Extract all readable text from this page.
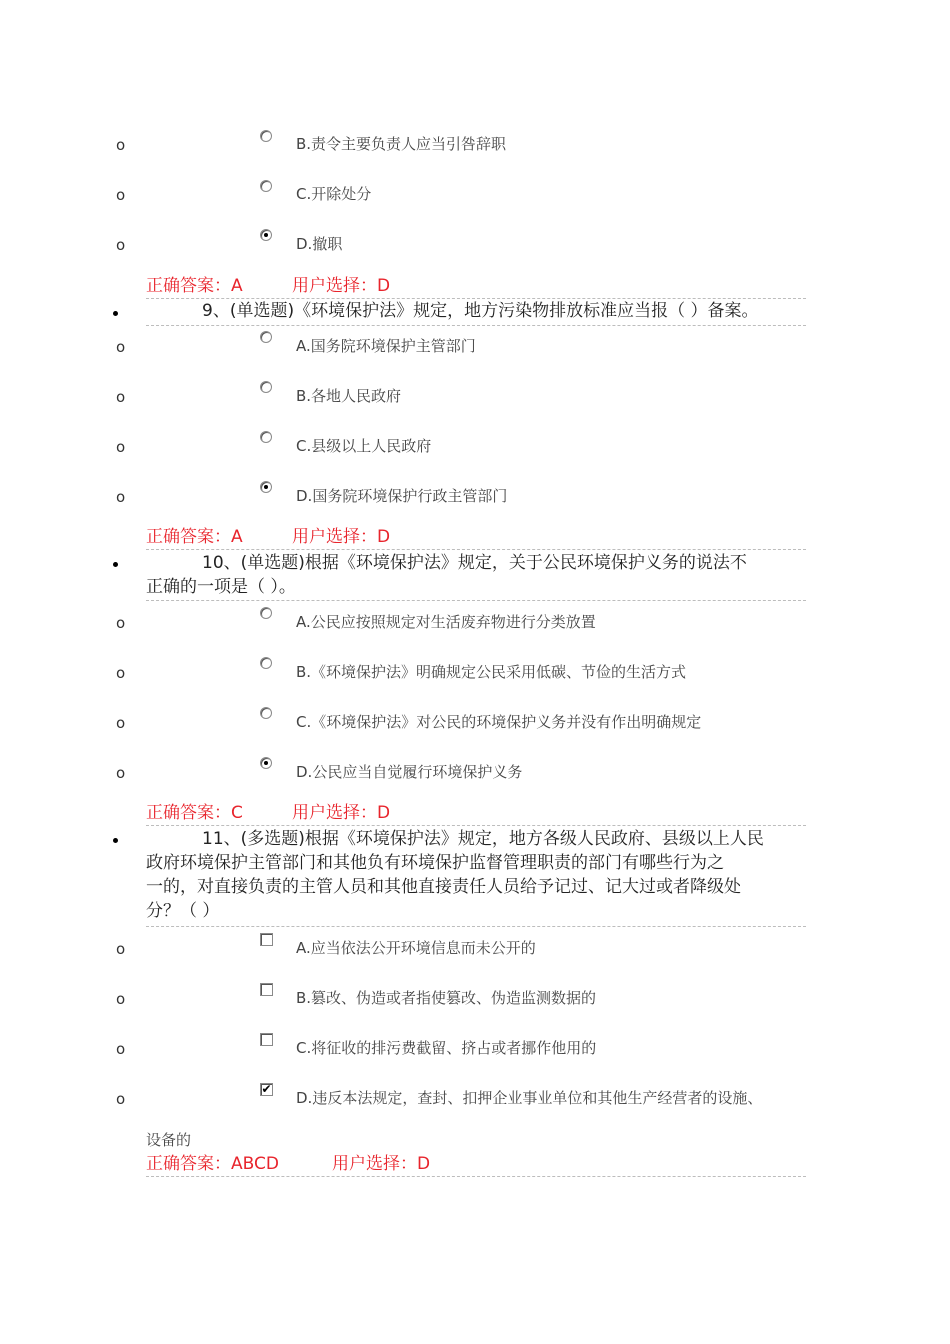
o	B.责令主要负责人应当引咎辞职
o	C.开除处分
o	D.撤职
正确答案：A	用户选择：D
9、(单选题)《环境保护法》规定，地方污染物排放标准应当报（ ）备案。
o	A.国务院环境保护主管部门
o	B.各地人民政府
o	C.县级以上人民政府
o	D.国务院环境保护行政主管部门
正确答案：A	用户选择：D
10、(单选题)根据《环境保护法》规定，关于公民环境保护义务的说法不
正确的一项是（ ）。
o	A.公民应按照规定对生活废弃物进行分类放置
o	B.《环境保护法》明确规定公民采用低碳、节俭的生活方式
o	C.《环境保护法》对公民的环境保护义务并没有作出明确规定
o	D.公民应当自觉履行环境保护义务
正确答案：C	用户选择：D
11、(多选题)根据《环境保护法》规定，地方各级人民政府、县级以上人民
政府环境保护主管部门和其他负有环境保护监督管理职责的部门有哪些行为之
一的，对直接负责的主管人员和其他直接责任人员给予记过、记大过或者降级处
分？（ ）
o	A.应当依法公开环境信息而未公开的
o	B.篡改、伪造或者指使篡改、伪造监测数据的
o	C.将征收的排污费截留、挤占或者挪作他用的
o
✔ D.违反本法规定，查封、扣押企业事业单位和其他生产经营者的设施、
设备的
正确答案：ABCD	用户选择：D
